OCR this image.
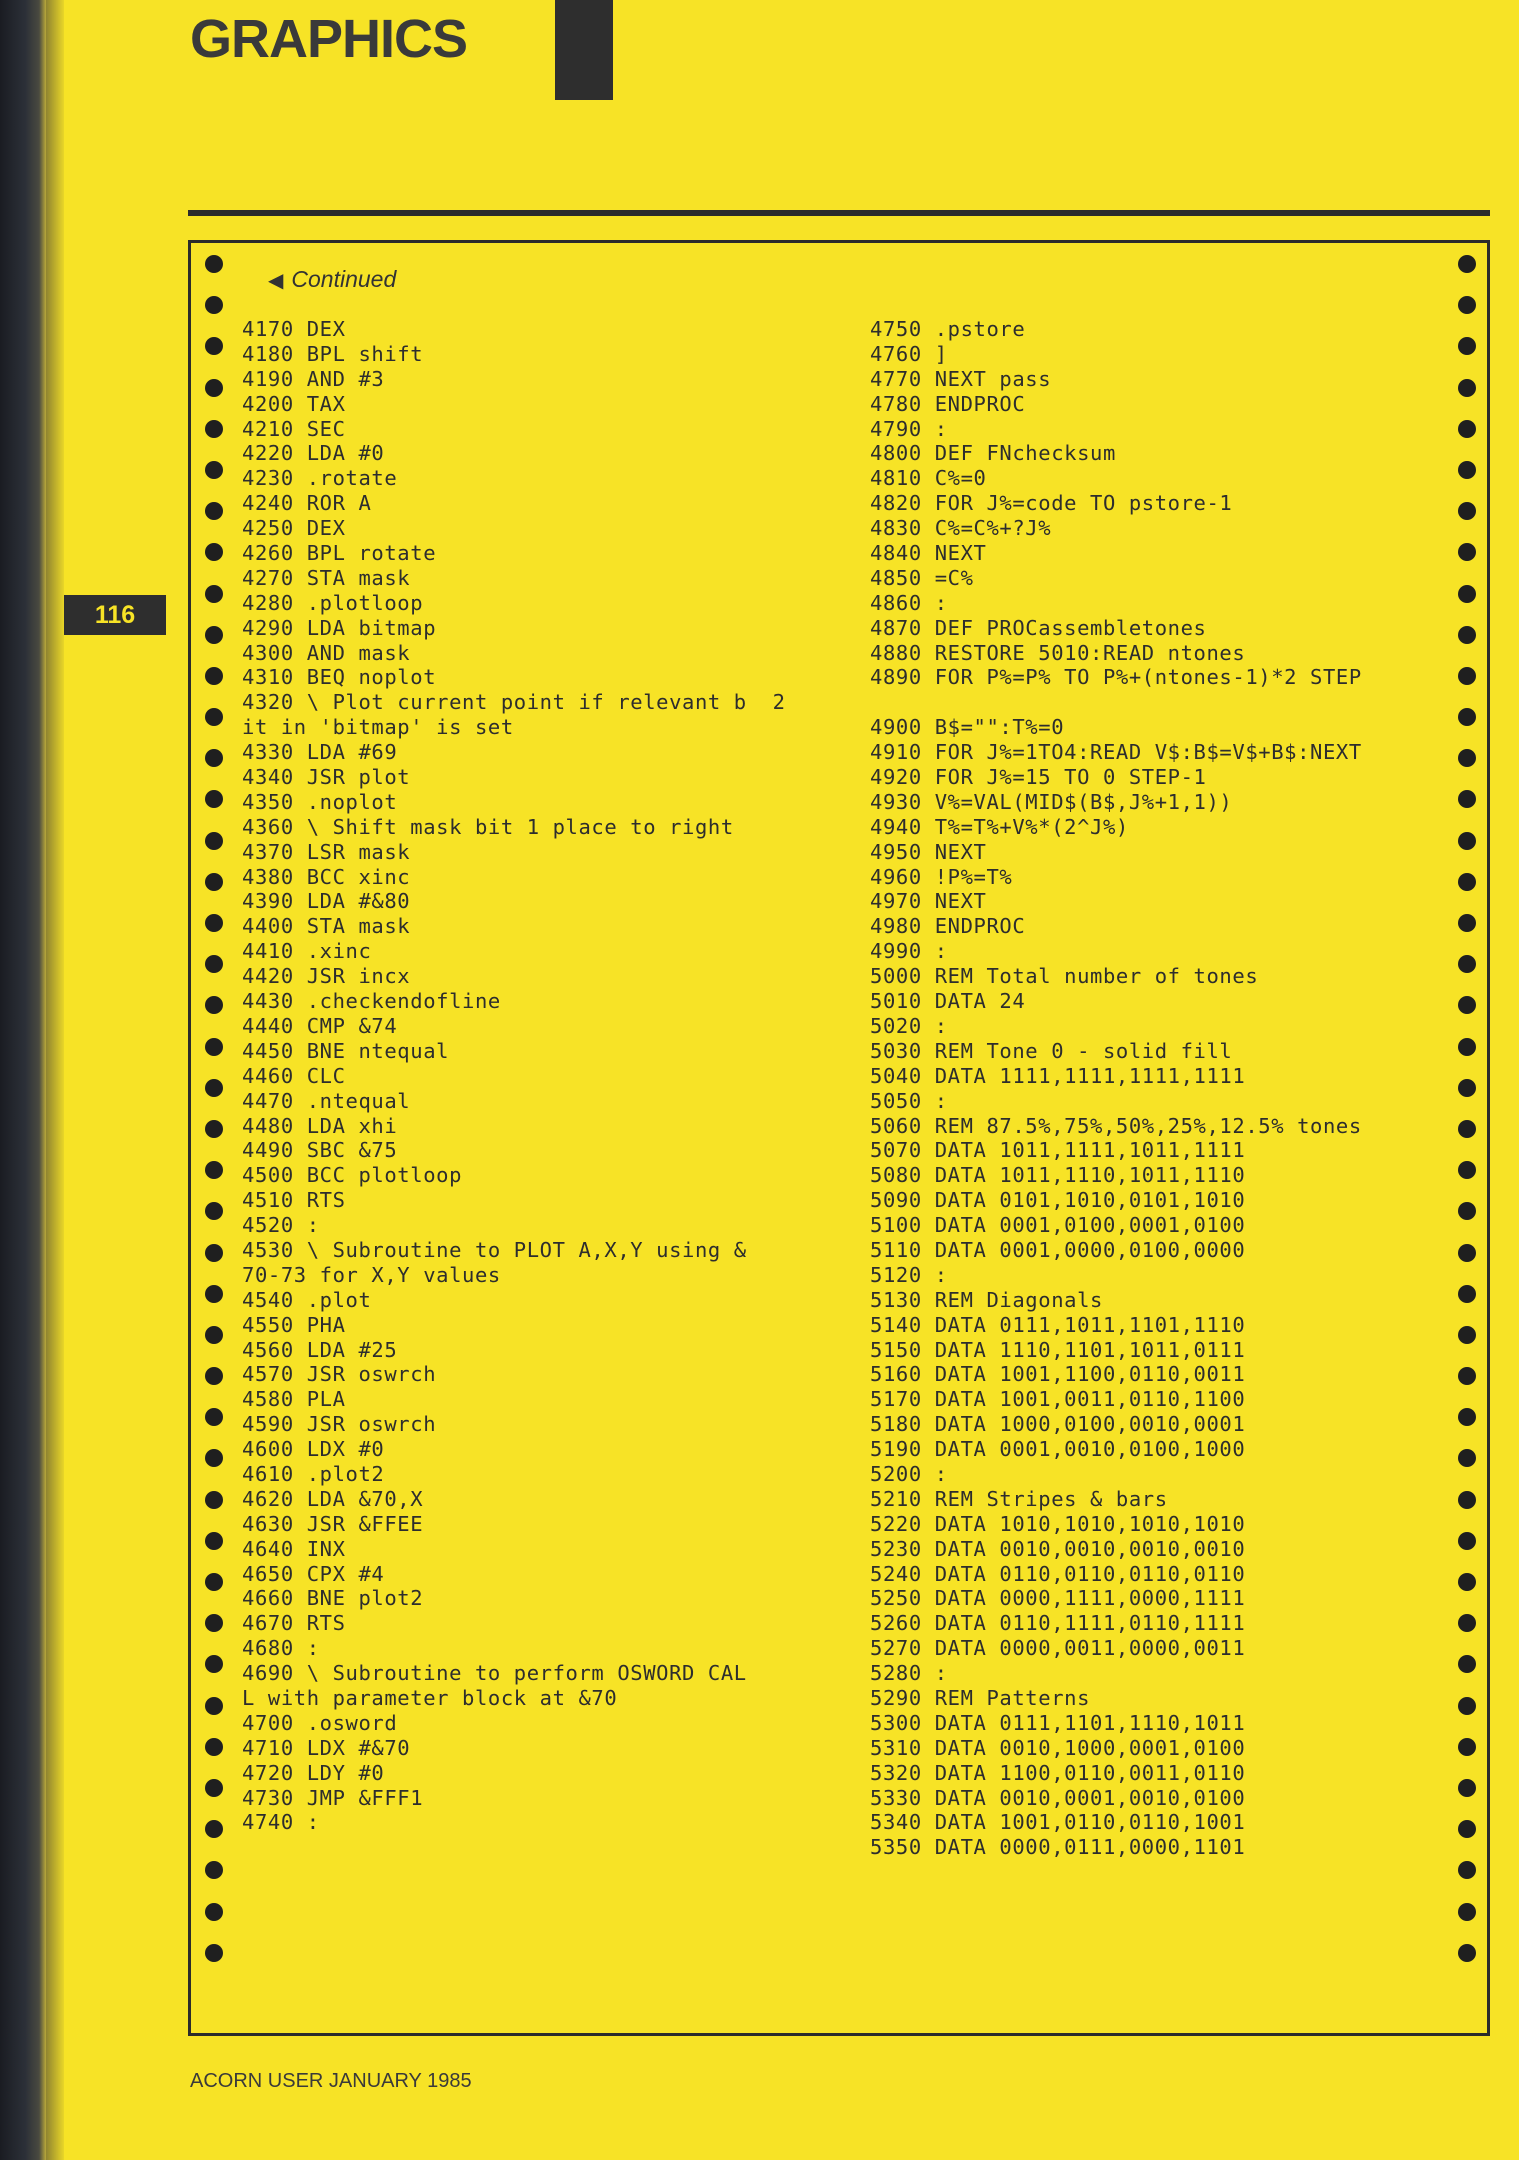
GRAPHICS
116
◀ Continued
4170 DEX
4180 BPL shift
4190 AND #3
4200 TAX
4210 SEC
4220 LDA #0
4230 .rotate
4240 ROR A
4250 DEX
4260 BPL rotate
4270 STA mask
4280 .plotloop
4290 LDA bitmap
4300 AND mask
4310 BEQ noplot
4320 \ Plot current point if relevant b  2
it in 'bitmap' is set
4330 LDA #69
4340 JSR plot
4350 .noplot
4360 \ Shift mask bit 1 place to right
4370 LSR mask
4380 BCC xinc
4390 LDA #&80
4400 STA mask
4410 .xinc
4420 JSR incx
4430 .checkendofline
4440 CMP &74
4450 BNE ntequal
4460 CLC
4470 .ntequal
4480 LDA xhi
4490 SBC &75
4500 BCC plotloop
4510 RTS
4520 :
4530 \ Subroutine to PLOT A,X,Y using &
70-73 for X,Y values
4540 .plot
4550 PHA
4560 LDA #25
4570 JSR oswrch
4580 PLA
4590 JSR oswrch
4600 LDX #0
4610 .plot2
4620 LDA &70,X
4630 JSR &FFEE
4640 INX
4650 CPX #4
4660 BNE plot2
4670 RTS
4680 :
4690 \ Subroutine to perform OSWORD CAL
L with parameter block at &70
4700 .osword
4710 LDX #&70
4720 LDY #0
4730 JMP &FFF1
4740 :
4750 .pstore
4760 ]
4770 NEXT pass
4780 ENDPROC
4790 :
4800 DEF FNchecksum
4810 C%=0
4820 FOR J%=code TO pstore-1
4830 C%=C%+?J%
4840 NEXT
4850 =C%
4860 :
4870 DEF PROCassembletones
4880 RESTORE 5010:READ ntones
4890 FOR P%=P% TO P%+(ntones-1)*2 STEP
4900 B$="":T%=0
4910 FOR J%=1TO4:READ V$:B$=V$+B$:NEXT
4920 FOR J%=15 TO 0 STEP-1
4930 V%=VAL(MID$(B$,J%+1,1))
4940 T%=T%+V%*(2^J%)
4950 NEXT
4960 !P%=T%
4970 NEXT
4980 ENDPROC
4990 :
5000 REM Total number of tones
5010 DATA 24
5020 :
5030 REM Tone 0 - solid fill
5040 DATA 1111,1111,1111,1111
5050 :
5060 REM 87.5%,75%,50%,25%,12.5% tones
5070 DATA 1011,1111,1011,1111
5080 DATA 1011,1110,1011,1110
5090 DATA 0101,1010,0101,1010
5100 DATA 0001,0100,0001,0100
5110 DATA 0001,0000,0100,0000
5120 :
5130 REM Diagonals
5140 DATA 0111,1011,1101,1110
5150 DATA 1110,1101,1011,0111
5160 DATA 1001,1100,0110,0011
5170 DATA 1001,0011,0110,1100
5180 DATA 1000,0100,0010,0001
5190 DATA 0001,0010,0100,1000
5200 :
5210 REM Stripes & bars
5220 DATA 1010,1010,1010,1010
5230 DATA 0010,0010,0010,0010
5240 DATA 0110,0110,0110,0110
5250 DATA 0000,1111,0000,1111
5260 DATA 0110,1111,0110,1111
5270 DATA 0000,0011,0000,0011
5280 :
5290 REM Patterns
5300 DATA 0111,1101,1110,1011
5310 DATA 0010,1000,0001,0100
5320 DATA 1100,0110,0011,0110
5330 DATA 0010,0001,0010,0100
5340 DATA 1001,0110,0110,1001
5350 DATA 0000,0111,0000,1101
ACORN USER JANUARY 1985
